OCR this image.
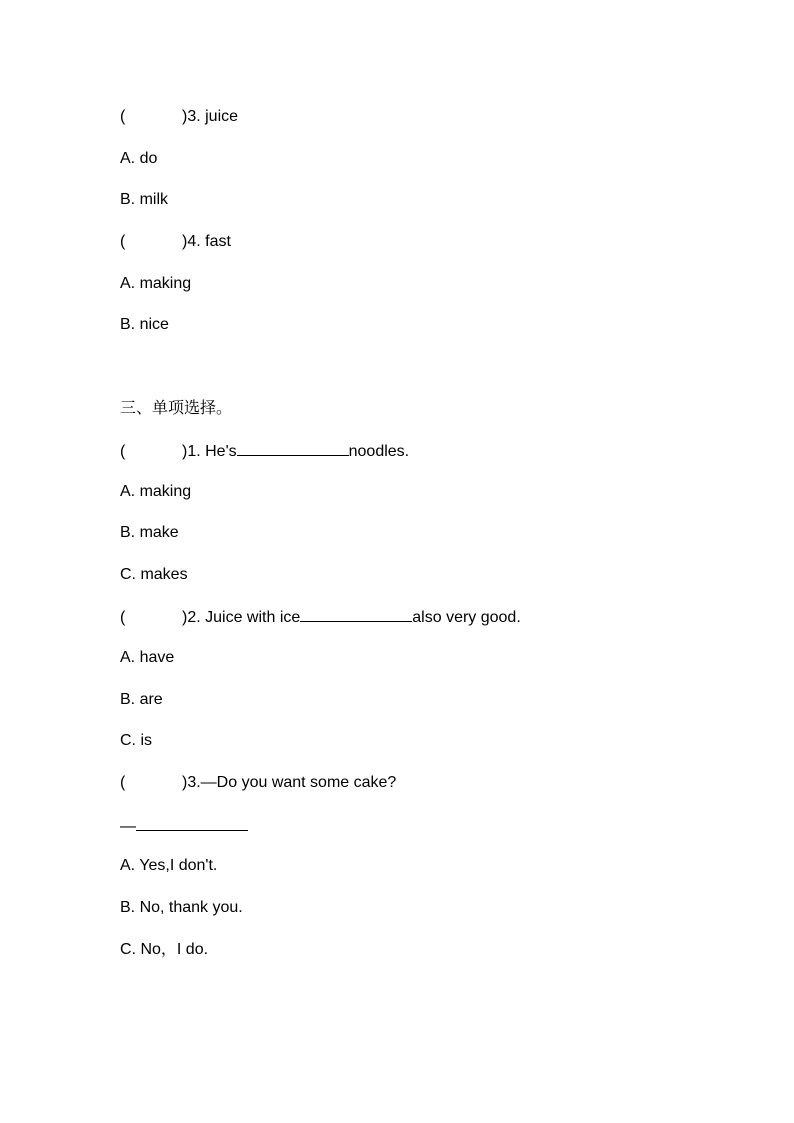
(	)3. juice
A. do
B. milk
(	)4. fast
A. making
B. nice
三、单项选择。
(	)1. He's	noodles.
A. making
B. make
C. makes
(	)2. Juice with ice	also very good.
A. have
B. are
C. is
(	)3.—Do you want some cake?
—
A. Yes,I don't.
B. No, thank you.
C. No，I do.
